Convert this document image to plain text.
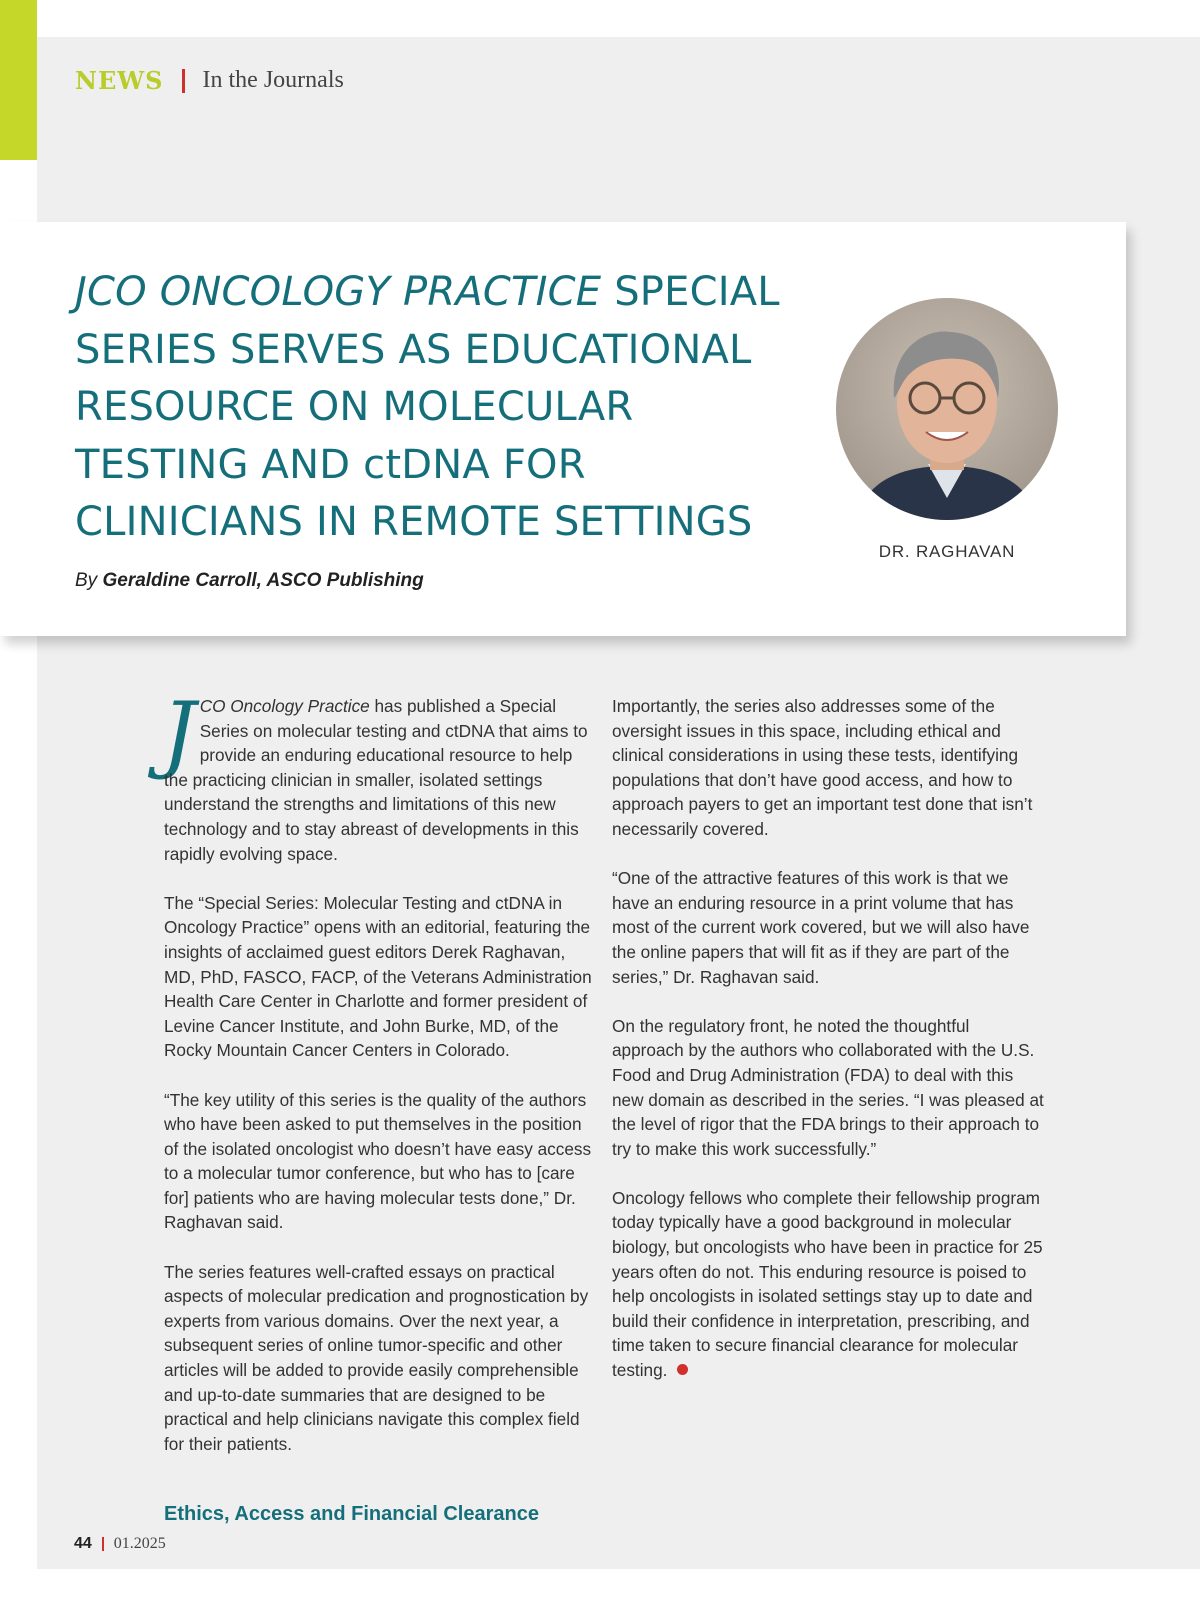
NEWS In the Journals
JCO ONCOLOGY PRACTICE SPECIAL SERIES SERVES AS EDUCATIONAL RESOURCE ON MOLECULAR TESTING AND ctDNA FOR CLINICIANS IN REMOTE SETTINGS
By Geraldine Carroll, ASCO Publishing
DR. RAGHAVAN

JCO Oncology Practice has published a Special Series on molecular testing and ctDNA that aims to provide an enduring educational resource to help the practicing clinician in smaller, isolated settings understand the strengths and limitations of this new technology and to stay abreast of developments in this rapidly evolving space.

The “Special Series: Molecular Testing and ctDNA in Oncology Practice” opens with an editorial, featuring the insights of acclaimed guest editors Derek Raghavan, MD, PhD, FASCO, FACP, of the Veterans Administration Health Care Center in Charlotte and former president of Levine Cancer Institute, and John Burke, MD, of the Rocky Mountain Cancer Centers in Colorado.

“The key utility of this series is the quality of the authors who have been asked to put themselves in the position of the isolated oncologist who doesn’t have easy access to a molecular tumor conference, but who has to [care for] patients who are having molecular tests done,” Dr. Raghavan said.

The series features well-crafted essays on practical aspects of molecular predication and prognostication by experts from various domains. Over the next year, a subsequent series of online tumor-specific and other articles will be added to provide easily comprehensible and up-to-date summaries that are designed to be practical and help clinicians navigate this complex field for their patients.

Ethics, Access and Financial Clearance

Importantly, the series also addresses some of the oversight issues in this space, including ethical and clinical considerations in using these tests, identifying populations that don’t have good access, and how to approach payers to get an important test done that isn’t necessarily covered.

“One of the attractive features of this work is that we have an enduring resource in a print volume that has most of the current work covered, but we will also have the online papers that will fit as if they are part of the series,” Dr. Raghavan said.

On the regulatory front, he noted the thoughtful approach by the authors who collaborated with the U.S. Food and Drug Administration (FDA) to deal with this new domain as described in the series. “I was pleased at the level of rigor that the FDA brings to their approach to try to make this work successfully.”

Oncology fellows who complete their fellowship program today typically have a good background in molecular biology, but oncologists who have been in practice for 25 years often do not. This enduring resource is poised to help oncologists in isolated settings stay up to date and build their confidence in interpretation, prescribing, and time taken to secure financial clearance for molecular testing.

44 01.2025
